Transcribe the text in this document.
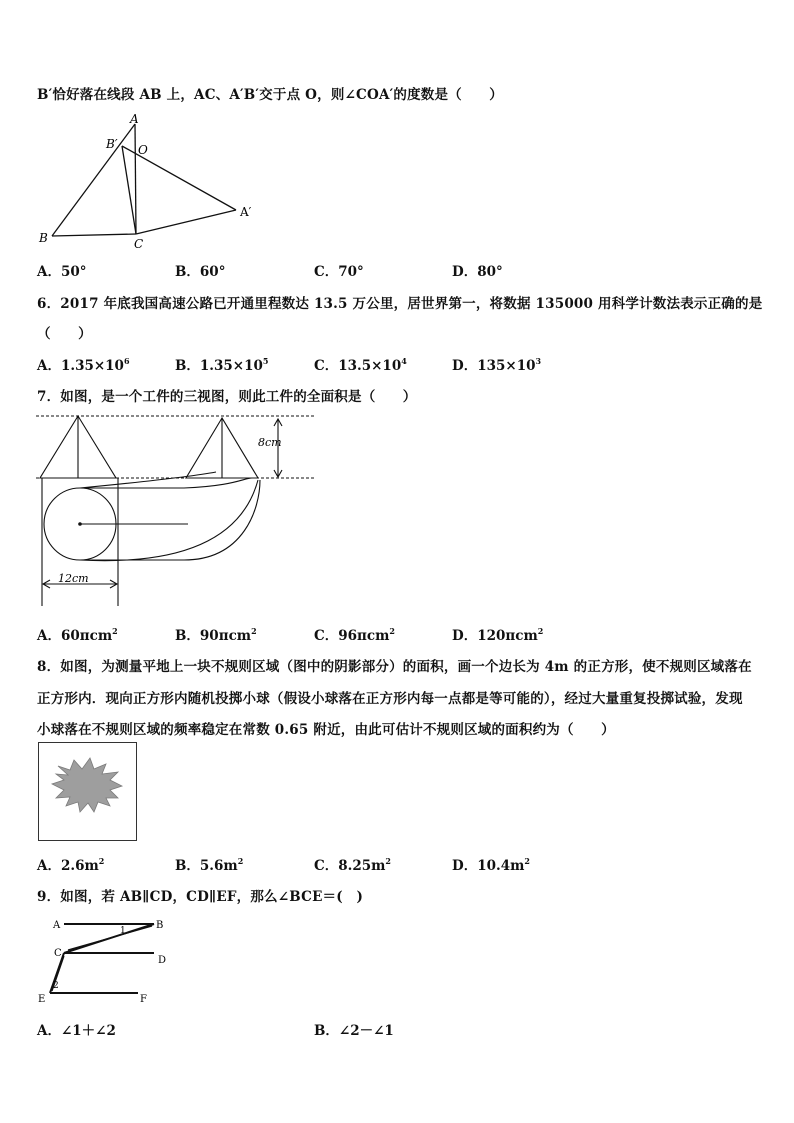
B′恰好落在线段 AB 上，AC、A′B′交于点 O，则∠COA′的度数是（　　）
A
B′ O
A′
B	C
A．50°	B．60°	C．70°	D．80°
6．2017 年底我国高速公路已开通里程数达 13.5 万公里，居世界第一，将数据 135000 用科学计数法表示正确的是
（　　）
A．$1.35\times 10^6$	B．$1.35\times 10^5$	C．$13.5\times 10^4$	D．$135\times 10^3$
7．如图，是一个工件的三视图，则此工件的全面积是（　　）
8cm
12cm
A．60πcm$^2$	B．90πcm$^2$	C．96πcm$^2$	D．120πcm$^2$
8．如图，为测量平地上一块不规则区域（图中的阴影部分）的面积，画一个边长为 4m 的正方形，使不规则区域落在
正方形内．现向正方形内随机投掷小球（假设小球落在正方形内每一点都是等可能的），经过大量重复投掷试验，发现
小球落在不规则区域的频率稳定在常数 0.65 附近，由此可估计不规则区域的面积约为（　　）
A．$2.6m^2$	B．$5.6m^2$	C．$8.25m^2$	D．$10.4m^2$
9．如图，若 AB∥CD，CD∥EF，那么∠BCE＝(　)
A	B
C
D
E	F
1
2
A．∠1＋∠2	B．∠2－∠1
